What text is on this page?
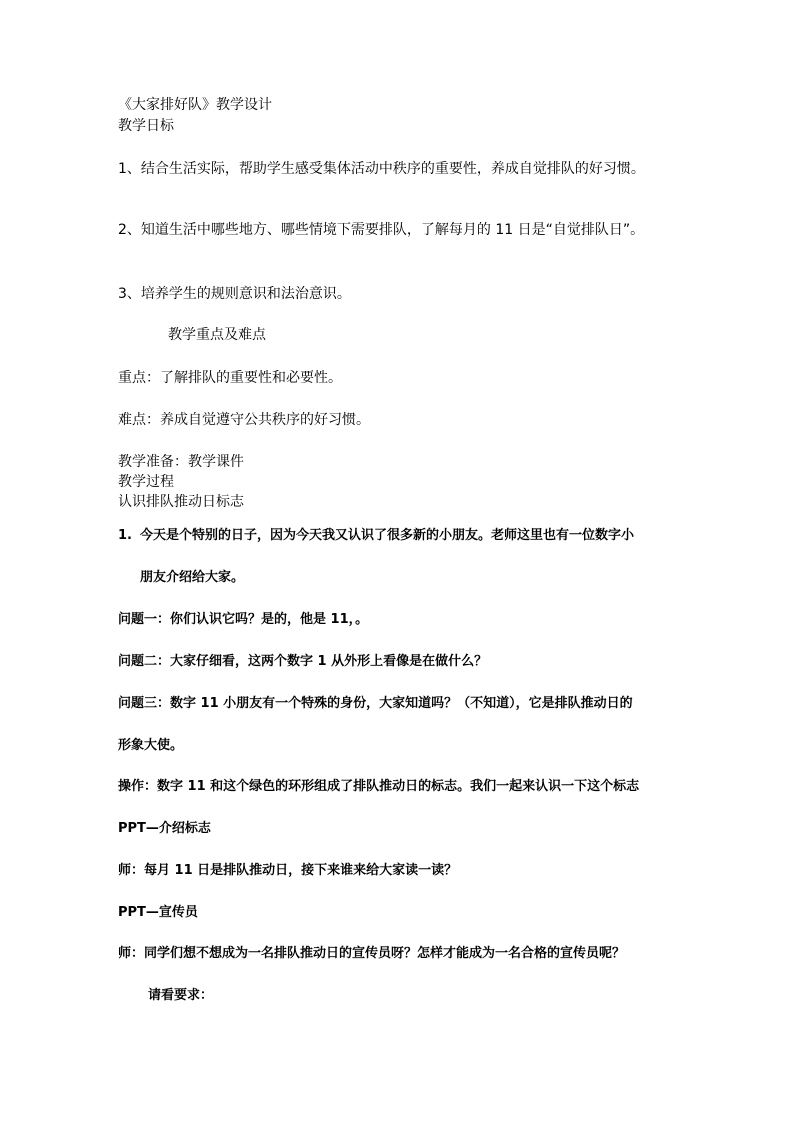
《大家排好队》教学设计
教学日标
1、结合生活实际，帮助学生感受集体活动中秩序的重要性，养成自觉排队的好习惯。
2、知道生活中哪些地方、哪些情境下需要排队，了解每月的 11 日是“自觉排队日”。
3、培养学生的规则意识和法治意识。
教学重点及难点
重点：了解排队的重要性和必要性。
难点：养成自觉遵守公共秩序的好习惯。
教学准备：教学课件
教学过程
认识排队推动日标志
1. 今天是个特别的日子，因为今天我又认识了很多新的小朋友。老师这里也有一位数字小
朋友介绍给大家。
问题一：你们认识它吗？是的，他是 11，。
问题二：大家仔细看，这两个数字 1 从外形上看像是在做什么？
问题三：数字 11 小朋友有一个特殊的身份，大家知道吗？（不知道），它是排队推动日的
形象大使。
操作：数字 11 和这个绿色的环形组成了排队推动日的标志。我们一起来认识一下这个标志
PPT—介绍标志
师：每月 11 日是排队推动日，接下来谁来给大家读一读？
PPT—宣传员
师：同学们想不想成为一名排队推动日的宣传员呀？怎样才能成为一名合格的宣传员呢？
请看要求：
